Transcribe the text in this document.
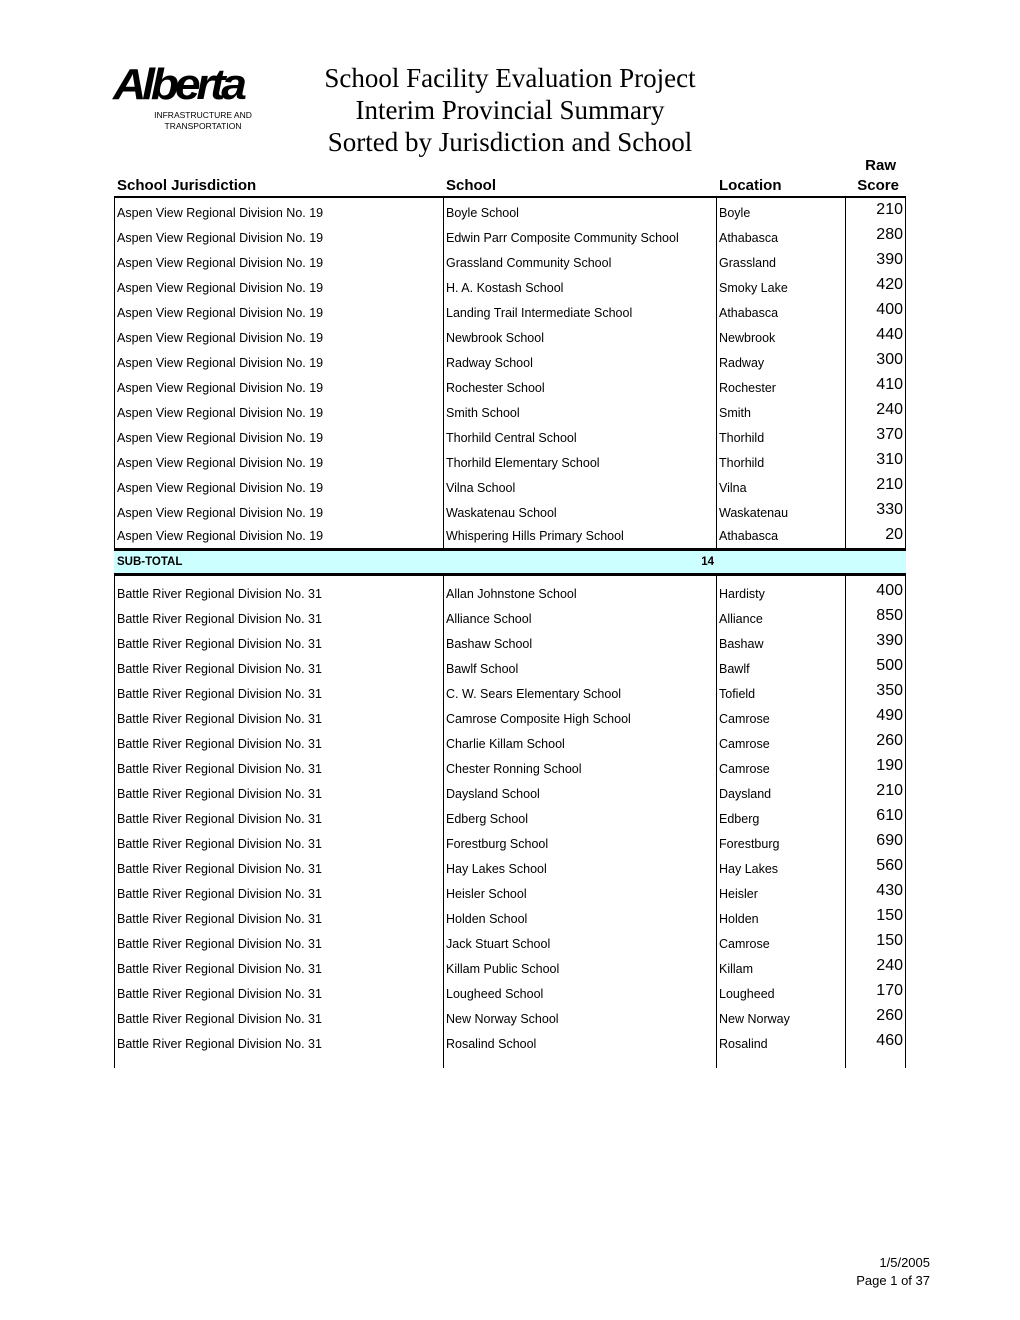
Alberta
INFRASTRUCTURE AND
TRANSPORTATION
School Facility Evaluation Project
Interim Provincial Summary
Sorted by Jurisdiction and School
School Jurisdiction	School	Location
Raw
Score
Aspen View Regional Division No. 19	Boyle School	Boyle	210
Aspen View Regional Division No. 19	Edwin Parr Composite Community School	Athabasca	280
Aspen View Regional Division No. 19	Grassland Community School	Grassland	390
Aspen View Regional Division No. 19	H. A. Kostash School	Smoky Lake	420
Aspen View Regional Division No. 19	Landing Trail Intermediate School	Athabasca	400
Aspen View Regional Division No. 19	Newbrook School	Newbrook	440
Aspen View Regional Division No. 19	Radway School	Radway	300
Aspen View Regional Division No. 19	Rochester School	Rochester	410
Aspen View Regional Division No. 19	Smith School	Smith	240
Aspen View Regional Division No. 19	Thorhild Central School	Thorhild	370
Aspen View Regional Division No. 19	Thorhild Elementary School	Thorhild	310
Aspen View Regional Division No. 19	Vilna School	Vilna	210
Aspen View Regional Division No. 19	Waskatenau School	Waskatenau	330
Aspen View Regional Division No. 19	Whispering Hills Primary School	Athabasca	20
SUB-TOTAL	14
Battle River Regional Division No. 31	Allan Johnstone School	Hardisty	400
Battle River Regional Division No. 31	Alliance School	Alliance	850
Battle River Regional Division No. 31	Bashaw School	Bashaw	390
Battle River Regional Division No. 31	Bawlf School	Bawlf	500
Battle River Regional Division No. 31	C. W. Sears Elementary School	Tofield	350
Battle River Regional Division No. 31	Camrose Composite High School	Camrose	490
Battle River Regional Division No. 31	Charlie Killam School	Camrose	260
Battle River Regional Division No. 31	Chester Ronning School	Camrose	190
Battle River Regional Division No. 31	Daysland School	Daysland	210
Battle River Regional Division No. 31	Edberg School	Edberg	610
Battle River Regional Division No. 31	Forestburg School	Forestburg	690
Battle River Regional Division No. 31	Hay Lakes School	Hay Lakes	560
Battle River Regional Division No. 31	Heisler School	Heisler	430
Battle River Regional Division No. 31	Holden School	Holden	150
Battle River Regional Division No. 31	Jack Stuart School	Camrose	150
Battle River Regional Division No. 31	Killam Public School	Killam	240
Battle River Regional Division No. 31	Lougheed School	Lougheed	170
Battle River Regional Division No. 31	New Norway School	New Norway	260
Battle River Regional Division No. 31	Rosalind School	Rosalind	460
1/5/2005
Page 1 of 37
